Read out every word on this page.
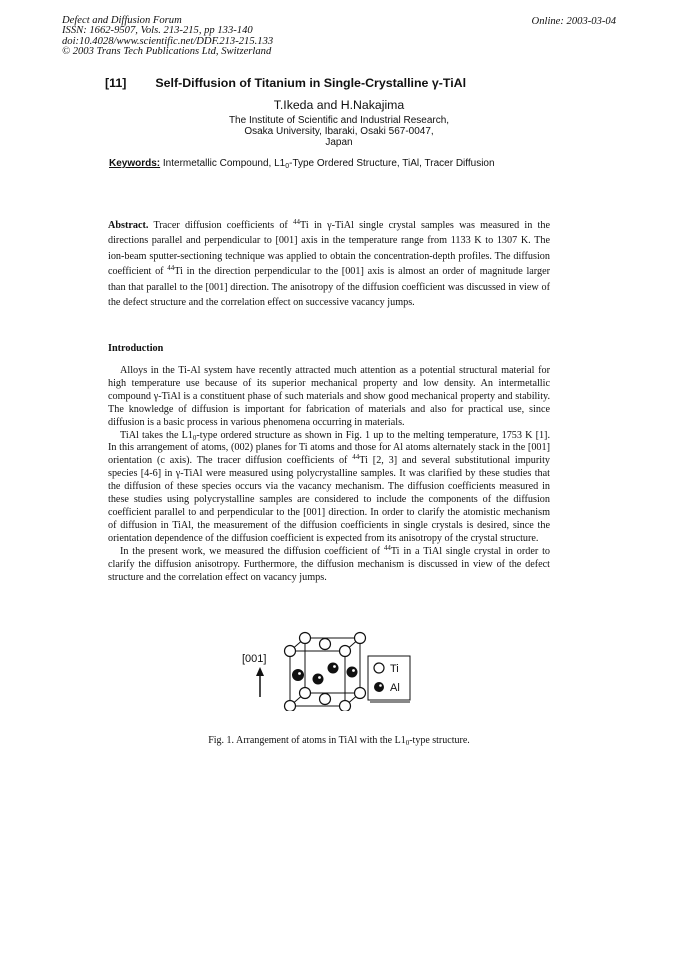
Defect and Diffusion Forum
ISSN: 1662-9507, Vols. 213-215, pp 133-140
doi:10.4028/www.scientific.net/DDF.213-215.133
© 2003 Trans Tech Publications Ltd, Switzerland
Online: 2003-03-04
[11] Self-Diffusion of Titanium in Single-Crystalline γ-TiAl
T.Ikeda and H.Nakajima
The Institute of Scientific and Industrial Research,
Osaka University, Ibaraki, Osaki 567-0047,
Japan
Keywords: Intermetallic Compound, $L1_0$-Type Ordered Structure, TiAl, Tracer Diffusion
Abstract. Tracer diffusion coefficients of $^{44}$Ti in γ-TiAl single crystal samples was measured in the directions parallel and perpendicular to [001] axis in the temperature range from 1133 K to 1307 K. The ion-beam sputter-sectioning technique was applied to obtain the concentration-depth profiles. The diffusion coefficient of $^{44}$Ti in the direction perpendicular to the [001] axis is almost an order of magnitude larger than that parallel to the [001] direction. The anisotropy of the diffusion coefficient was discussed in view of the defect structure and the correlation effect on successive vacancy jumps.
Introduction

Alloys in the Ti-Al system have recently attracted much attention as a potential structural material for high temperature use because of its superior mechanical property and low density. An intermetallic compound γ-TiAl is a constituent phase of such materials and show good mechanical property and stability. The knowledge of diffusion is important for fabrication of materials and also for practical use, since diffusion is a basic process in various phenomena occurring in materials.

TiAl takes the $L1_0$-type ordered structure as shown in Fig. 1 up to the melting temperature, 1753 K [1]. In this arrangement of atoms, (002) planes for Ti atoms and those for Al atoms alternately stack in the [001] orientation (c axis). The tracer diffusion coefficients of $^{44}$Ti [2, 3] and several substitutional impurity species [4-6] in γ-TiAl were measured using polycrystalline samples. It was clarified by these studies that the diffusion of these species occurs via the vacancy mechanism. The diffusion coefficients measured in these studies using polycrystalline samples are considered to include the components of the diffusion coefficient parallel to and perpendicular to the [001] direction. In order to clarify the atomistic mechanism of diffusion in TiAl, the measurement of the diffusion coefficients in single crystals is desired, since the orientation dependence of the diffusion coefficient is expected from its anisotropy of the crystal structure.

In the present work, we measured the diffusion coefficient of $^{44}$Ti in a TiAl single crystal in order to clarify the diffusion anisotropy. Furthermore, the diffusion mechanism is discussed in view of the defect structure and the correlation effect on vacancy jumps.

[001]
Ti
Al
Fig. 1. Arrangement of atoms in TiAl with the $L1_0$-type structure.
